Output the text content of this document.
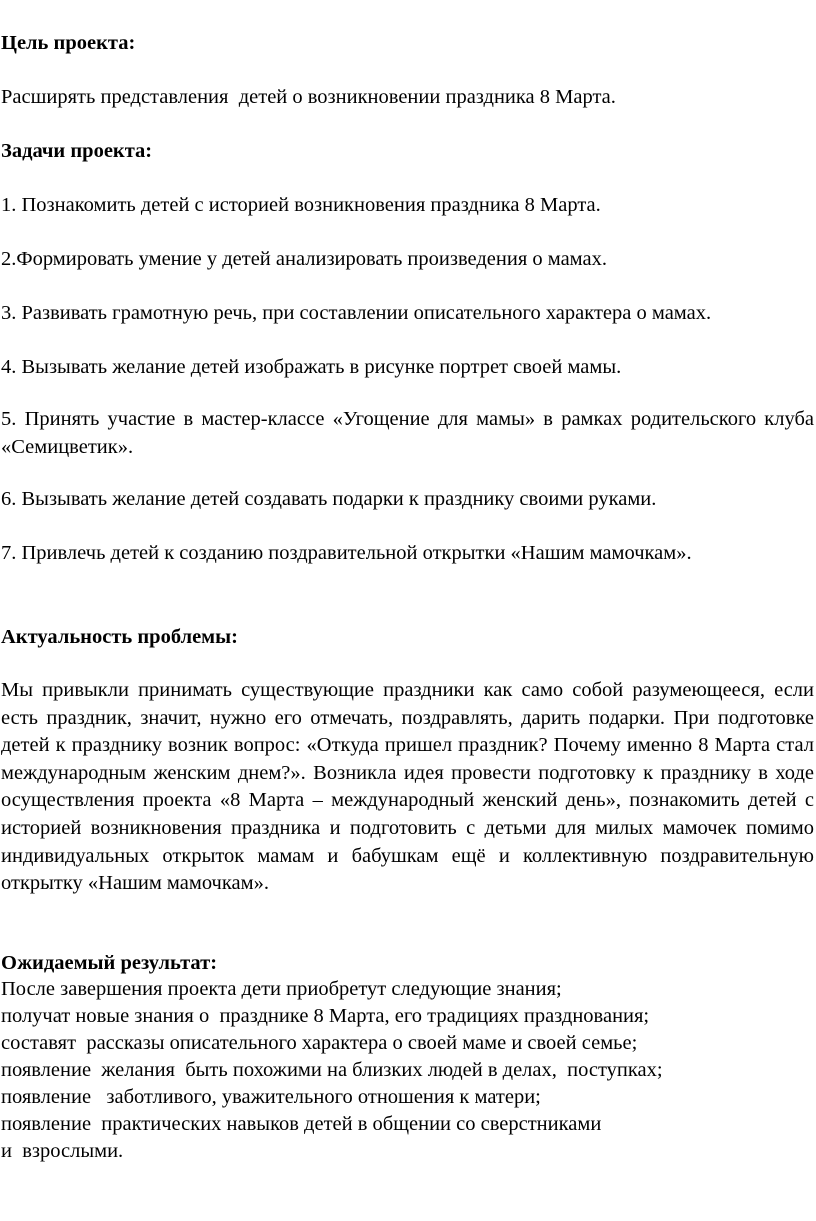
Цель проекта:
Расширять представления  детей о возникновении праздника 8 Марта.
Задачи проекта:
1. Познакомить детей с историей возникновения праздника 8 Марта.
2.Формировать умение у детей анализировать произведения о мамах.
3. Развивать грамотную речь, при составлении описательного характера о мамах.
4. Вызывать желание детей изображать в рисунке портрет своей мамы.
5. Принять участие в мастер-классе «Угощение для мамы» в рамках родительского клуба «Семицветик».
6. Вызывать желание детей создавать подарки к празднику своими руками.
7. Привлечь детей к созданию поздравительной открытки «Нашим мамочкам».
Актуальность проблемы:
Мы привыкли принимать существующие праздники как само собой разумеющееся, если есть праздник, значит, нужно его отмечать, поздравлять, дарить подарки. При подготовке детей к празднику возник вопрос: «Откуда пришел праздник? Почему именно 8 Марта стал международным женским днем?». Возникла идея провести подготовку к празднику в ходе осуществления проекта «8 Марта – международный женский день», познакомить детей с историей возникновения праздника и подготовить с детьми для милых мамочек помимо индивидуальных открыток мамам и бабушкам ещё и коллективную поздравительную открытку «Нашим мамочкам».
Ожидаемый результат:
После завершения проекта дети приобретут следующие знания;
получат новые знания о  празднике 8 Марта, его традициях празднования;
составят  рассказы описательного характера о своей маме и своей семье;
появление  желания  быть похожими на близких людей в делах,  поступках;
появление   заботливого, уважительного отношения к матери;
появление  практических навыков детей в общении со сверстниками
и  взрослыми.
